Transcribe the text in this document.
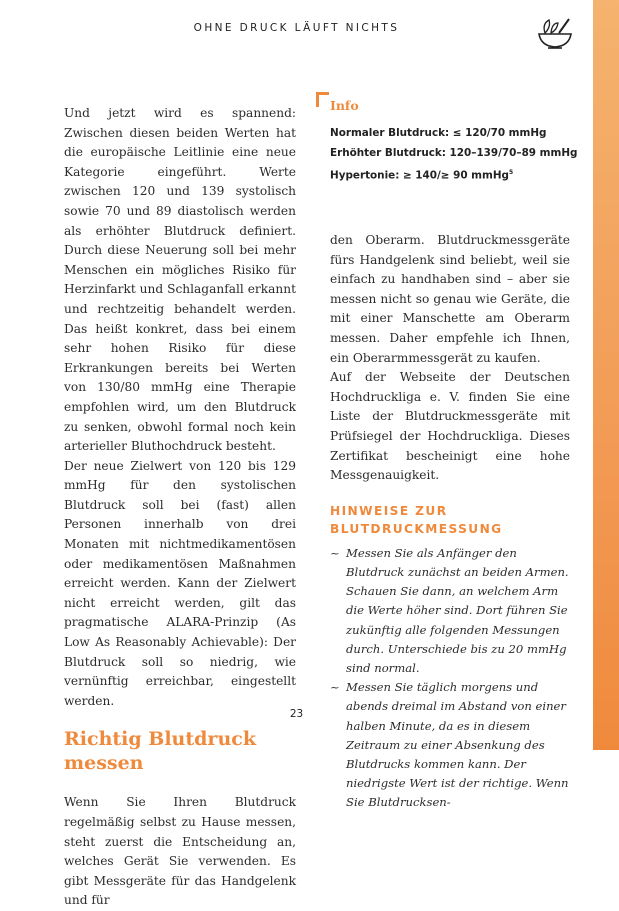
OHNE DRUCK LÄUFT NICHTS

Und jetzt wird es spannend: Zwischen diesen beiden Werten hat die europäische Leitlinie eine neue Kategorie eingeführt. Werte zwischen 120 und 139 systolisch sowie 70 und 89 diastolisch werden als erhöhter Blutdruck definiert. Durch diese Neuerung soll bei mehr Menschen ein mögliches Risiko für Herzinfarkt und Schlaganfall erkannt und rechtzeitig behandelt werden. Das heißt konkret, dass bei einem sehr hohen Risiko für diese Erkrankungen bereits bei Werten von 130/80 mmHg eine Therapie empfohlen wird, um den Blutdruck zu senken, obwohl formal noch kein arterieller Bluthochdruck besteht.

Der neue Zielwert von 120 bis 129 mmHg für den systolischen Blutdruck soll bei (fast) allen Personen innerhalb von drei Monaten mit nichtmedikamentösen oder medikamentösen Maßnahmen erreicht werden. Kann der Zielwert nicht erreicht werden, gilt das pragmatische ALARA-Prinzip (As Low As Reasonably Achievable): Der Blutdruck soll so niedrig, wie vernünftig erreichbar, eingestellt werden.

Richtig Blutdruck messen

Wenn Sie Ihren Blutdruck regelmäßig selbst zu Hause messen, steht zuerst die Entscheidung an, welches Gerät Sie verwenden. Es gibt Messgeräte für das Handgelenk und für

Info
Normaler Blutdruck: ≤ 120/70 mmHg
Erhöhter Blutdruck: 120–139/70–89 mmHg
Hypertonie: ≥ 140/≥ 90 mmHg$^5$

den Oberarm. Blutdruckmessgeräte fürs Handgelenk sind beliebt, weil sie einfach zu handhaben sind – aber sie messen nicht so genau wie Geräte, die mit einer Manschette am Oberarm messen. Daher empfehle ich Ihnen, ein Oberarmmessgerät zu kaufen.

Auf der Webseite der Deutschen Hochdruckliga e. V. finden Sie eine Liste der Blutdruckmessgeräte mit Prüfsiegel der Hochdruckliga. Dieses Zertifikat bescheinigt eine hohe Messgenauigkeit.

HINWEISE ZUR BLUTDRUCKMESSUNG

~ Messen Sie als Anfänger den Blutdruck zunächst an beiden Armen. Schauen Sie dann, an welchem Arm die Werte höher sind. Dort führen Sie zukünftig alle folgenden Messungen durch. Unterschiede bis zu 20 mmHg sind normal.
~ Messen Sie täglich morgens und abends dreimal im Abstand von einer halben Minute, da es in diesem Zeitraum zu einer Absenkung des Blutdrucks kommen kann. Der niedrigste Wert ist der richtige. Wenn Sie Blutdrucksen-
23
